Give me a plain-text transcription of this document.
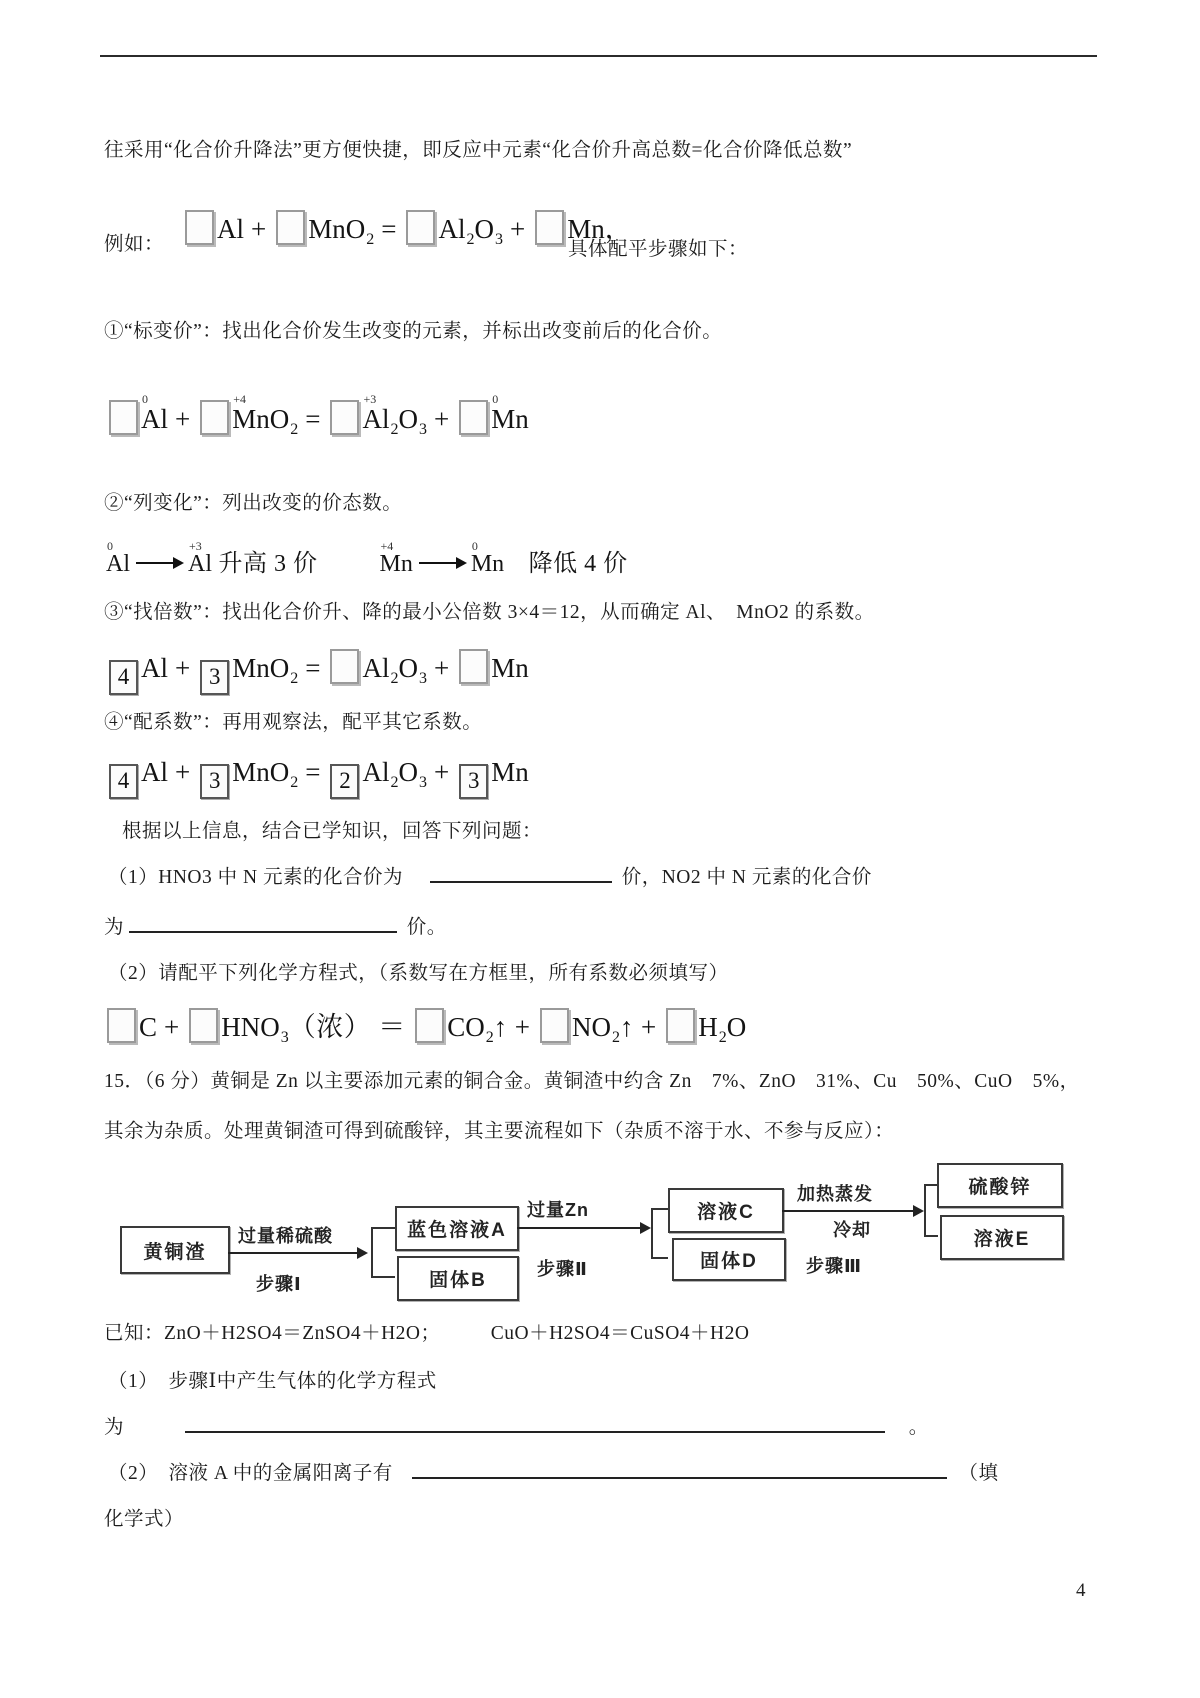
往采用“化合价升降法”更方便快捷，即反应中元素“化合价升高总数=化合价降低总数”
例如：
$Al + MnO_2 = Al_2O_3 + Mn$，
具体配平步骤如下：
①“标变价”：找出化合价发生改变的元素，并标出改变前后的化合价。
0
Al +
+4
MnO$_2$ =
+3
$Al_2O_3$ +
0
Mn
②“列变化”：列出改变的价态数。
0
Al
+3
Al 升高 3 价
+4
Mn
0
Mn　降低 4 价
③“找倍数”：找出化合价升、降的最小公倍数 3×4＝12，从而确定 Al、　MnO2 的系数。
4 Al + 3 $MnO_2 = Al_2O_3 + Mn$
④“配系数”：再用观察法，配平其它系数。
4 Al + 3 MnO$_2$ = 2 $Al_2O_3 + 3$ Mn
根据以上信息，结合已学知识，回答下列问题：
（1）HNO3 中 N 元素的化合价为	价，NO2 中 N 元素的化合价
为	价。
（2）请配平下列化学方程式，（系数写在方框里，所有系数必须填写）
$C + HNO_3$（浓） ＝ $CO_2↑$ + $NO_2↑ + H_2O$
15．（6 分）黄铜是 Zn 以主要添加元素的铜合金。黄铜渣中约含 Zn　7%、ZnO　31%、Cu　50%、CuO　5%，
其余为杂质。处理黄铜渣可得到硫酸锌，其主要流程如下（杂质不溶于水、不参与反应）：
黄铜渣
过量稀硫酸
步骤Ⅰ
蓝色溶液A
固体B
过量Zn
步骤Ⅱ
溶液C
固体D
加热蒸发
冷却
步骤Ⅲ
硫酸锌
溶液E
已知：ZnO＋H2SO4＝ZnSO4＋H2O；　　　CuO＋H2SO4＝CuSO4＋H2O
（1）　步骤Ⅰ中产生气体的化学方程式
为	。
（2）　溶液 A 中的金属阳离子有	（填
化学式）
4
